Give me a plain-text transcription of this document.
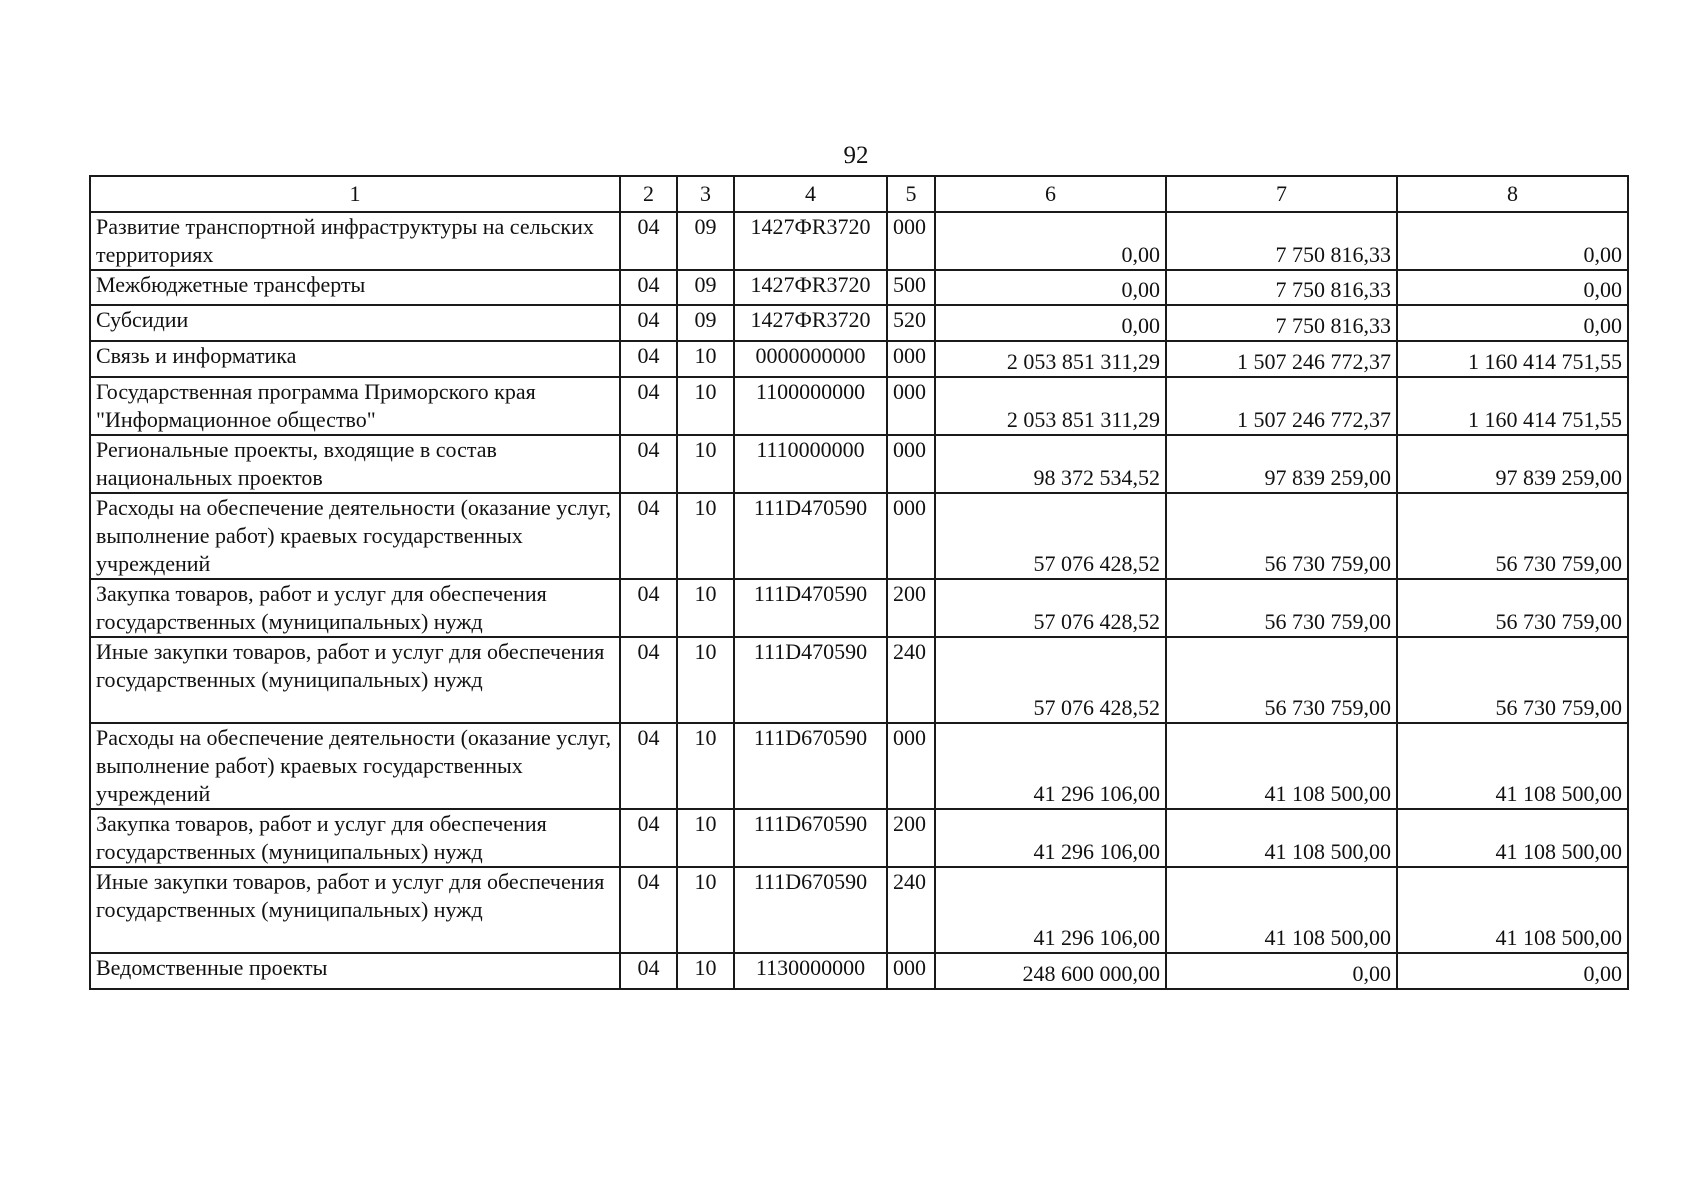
92
1	2	3	4	5	6	7	8
Развитие транспортной инфраструктуры на сельских территориях	04	09	1427ФR3720	000	0,00	7 750 816,33	0,00
Межбюджетные трансферты	04	09	1427ФR3720	500	0,00	7 750 816,33	0,00
Субсидии	04	09	1427ФR3720	520	0,00	7 750 816,33	0,00
Связь и информатика	04	10	0000000000	000	2 053 851 311,29	1 507 246 772,37	1 160 414 751,55
Государственная программа Приморского края "Информационное общество"	04	10	1100000000	000	2 053 851 311,29	1 507 246 772,37	1 160 414 751,55
Региональные проекты, входящие в состав национальных проектов	04	10	1110000000	000	98 372 534,52	97 839 259,00	97 839 259,00
Расходы на обеспечение деятельности (оказание услуг, выполнение работ) краевых государственных учреждений	04	10	111D470590	000	57 076 428,52	56 730 759,00	56 730 759,00
Закупка товаров, работ и услуг для обеспечения государственных (муниципальных) нужд	04	10	111D470590	200	57 076 428,52	56 730 759,00	56 730 759,00
Иные закупки товаров, работ и услуг для обеспечения государственных (муниципальных) нужд	04	10	111D470590	240	57 076 428,52	56 730 759,00	56 730 759,00
Расходы на обеспечение деятельности (оказание услуг, выполнение работ) краевых государственных учреждений	04	10	111D670590	000	41 296 106,00	41 108 500,00	41 108 500,00
Закупка товаров, работ и услуг для обеспечения государственных (муниципальных) нужд	04	10	111D670590	200	41 296 106,00	41 108 500,00	41 108 500,00
Иные закупки товаров, работ и услуг для обеспечения государственных (муниципальных) нужд	04	10	111D670590	240	41 296 106,00	41 108 500,00	41 108 500,00
Ведомственные проекты	04	10	1130000000	000	248 600 000,00	0,00	0,00
